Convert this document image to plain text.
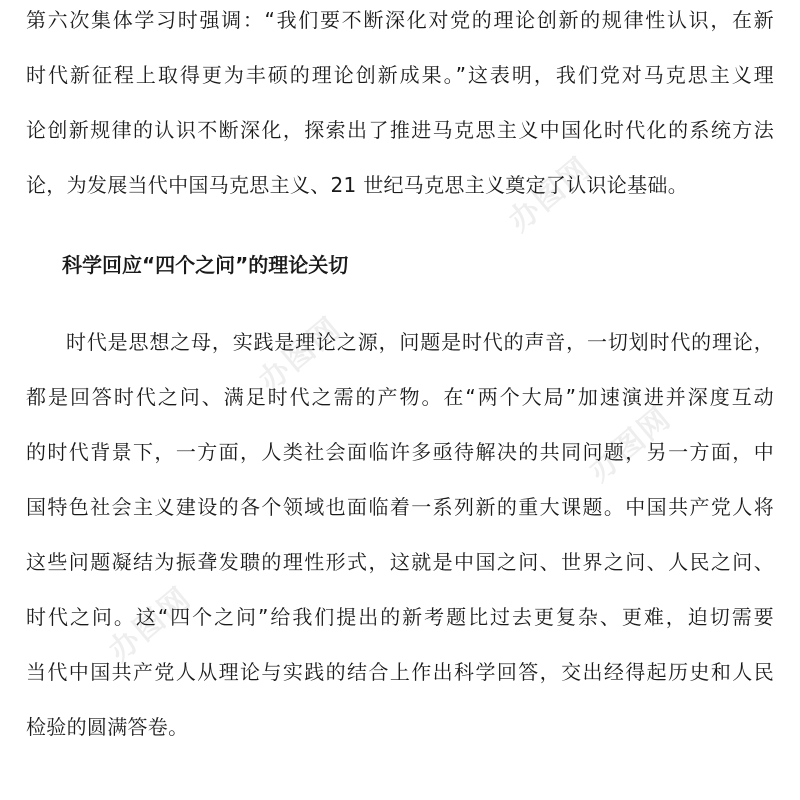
办图网
办图网
办图网
办图网
第六次集体学习时强调：“我们要不断深化对党的理论创新的规律性认识，在新
时代新征程上取得更为丰硕的理论创新成果。”这表明，我们党对马克思主义理
论创新规律的认识不断深化，探索出了推进马克思主义中国化时代化的系统方法
论，为发展当代中国马克思主义、21 世纪马克思主义奠定了认识论基础。
科学回应“四个之问”的理论关切
时代是思想之母，实践是理论之源，问题是时代的声音，一切划时代的理论，
都是回答时代之问、满足时代之需的产物。在“两个大局”加速演进并深度互动
的时代背景下，一方面，人类社会面临许多亟待解决的共同问题，另一方面，中
国特色社会主义建设的各个领域也面临着一系列新的重大课题。中国共产党人将
这些问题凝结为振聋发聩的理性形式，这就是中国之问、世界之问、人民之问、
时代之问。这“四个之问”给我们提出的新考题比过去更复杂、更难，迫切需要
当代中国共产党人从理论与实践的结合上作出科学回答，交出经得起历史和人民
检验的圆满答卷。
